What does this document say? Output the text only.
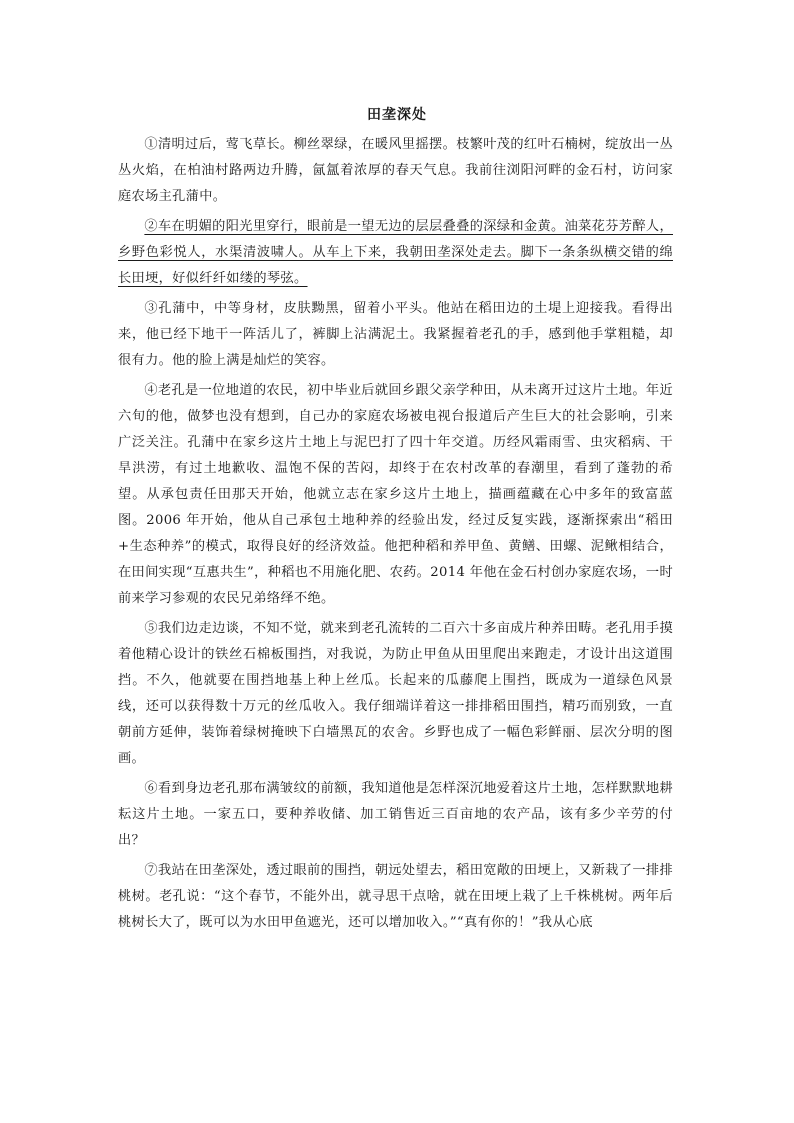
田垄深处

①清明过后，莺飞草长。柳丝翠绿，在暖风里摇摆。枝繁叶茂的红叶石楠树，绽放出一丛丛火焰，在柏油村路两边升腾，氤氲着浓厚的春天气息。我前往浏阳河畔的金石村，访问家庭农场主孔蒲中。

②车在明媚的阳光里穿行，眼前是一望无边的层层叠叠的深绿和金黄。油菜花芬芳醉人，乡野色彩悦人，水渠清波啸人。从车上下来，我朝田垄深处走去。脚下一条条纵横交错的绵长田埂，好似纤纤如缕的琴弦。

③孔蒲中，中等身材，皮肤黝黑，留着小平头。他站在稻田边的土堤上迎接我。看得出来，他已经下地干一阵活儿了，裤脚上沾满泥土。我紧握着老孔的手，感到他手掌粗糙，却很有力。他的脸上满是灿烂的笑容。

④老孔是一位地道的农民，初中毕业后就回乡跟父亲学种田，从未离开过这片土地。年近六旬的他，做梦也没有想到，自己办的家庭农场被电视台报道后产生巨大的社会影响，引来广泛关注。孔蒲中在家乡这片土地上与泥巴打了四十年交道。历经风霜雨雪、虫灾稻病、干旱洪涝，有过土地歉收、温饱不保的苦闷，却终于在农村改革的春潮里，看到了蓬勃的希望。从承包责任田那天开始，他就立志在家乡这片土地上，描画蕴藏在心中多年的致富蓝图。2006 年开始，他从自己承包土地种养的经验出发，经过反复实践，逐渐探索出“稻田+生态种养”的模式，取得良好的经济效益。他把种稻和养甲鱼、黄鳝、田螺、泥鳅相结合，在田间实现“互惠共生”，种稻也不用施化肥、农药。2014 年他在金石村创办家庭农场，一时前来学习参观的农民兄弟络绎不绝。

⑤我们边走边谈，不知不觉，就来到老孔流转的二百六十多亩成片种养田畴。老孔用手摸着他精心设计的铁丝石棉板围挡，对我说，为防止甲鱼从田里爬出来跑走，才设计出这道围挡。不久，他就要在围挡地基上种上丝瓜。长起来的瓜藤爬上围挡，既成为一道绿色风景线，还可以获得数十万元的丝瓜收入。我仔细端详着这一排排稻田围挡，精巧而别致，一直朝前方延伸，装饰着绿树掩映下白墙黑瓦的农舍。乡野也成了一幅色彩鲜丽、层次分明的图画。

⑥看到身边老孔那布满皱纹的前额，我知道他是怎样深沉地爱着这片土地，怎样默默地耕耘这片土地。一家五口，要种养收储、加工销售近三百亩地的农产品，该有多少辛劳的付出？

⑦我站在田垄深处，透过眼前的围挡，朝远处望去，稻田宽敞的田埂上，又新栽了一排排桃树。老孔说：“这个春节，不能外出，就寻思干点啥，就在田埂上栽了上千株桃树。两年后桃树长大了，既可以为水田甲鱼遮光，还可以增加收入。”“真有你的！”我从心底
